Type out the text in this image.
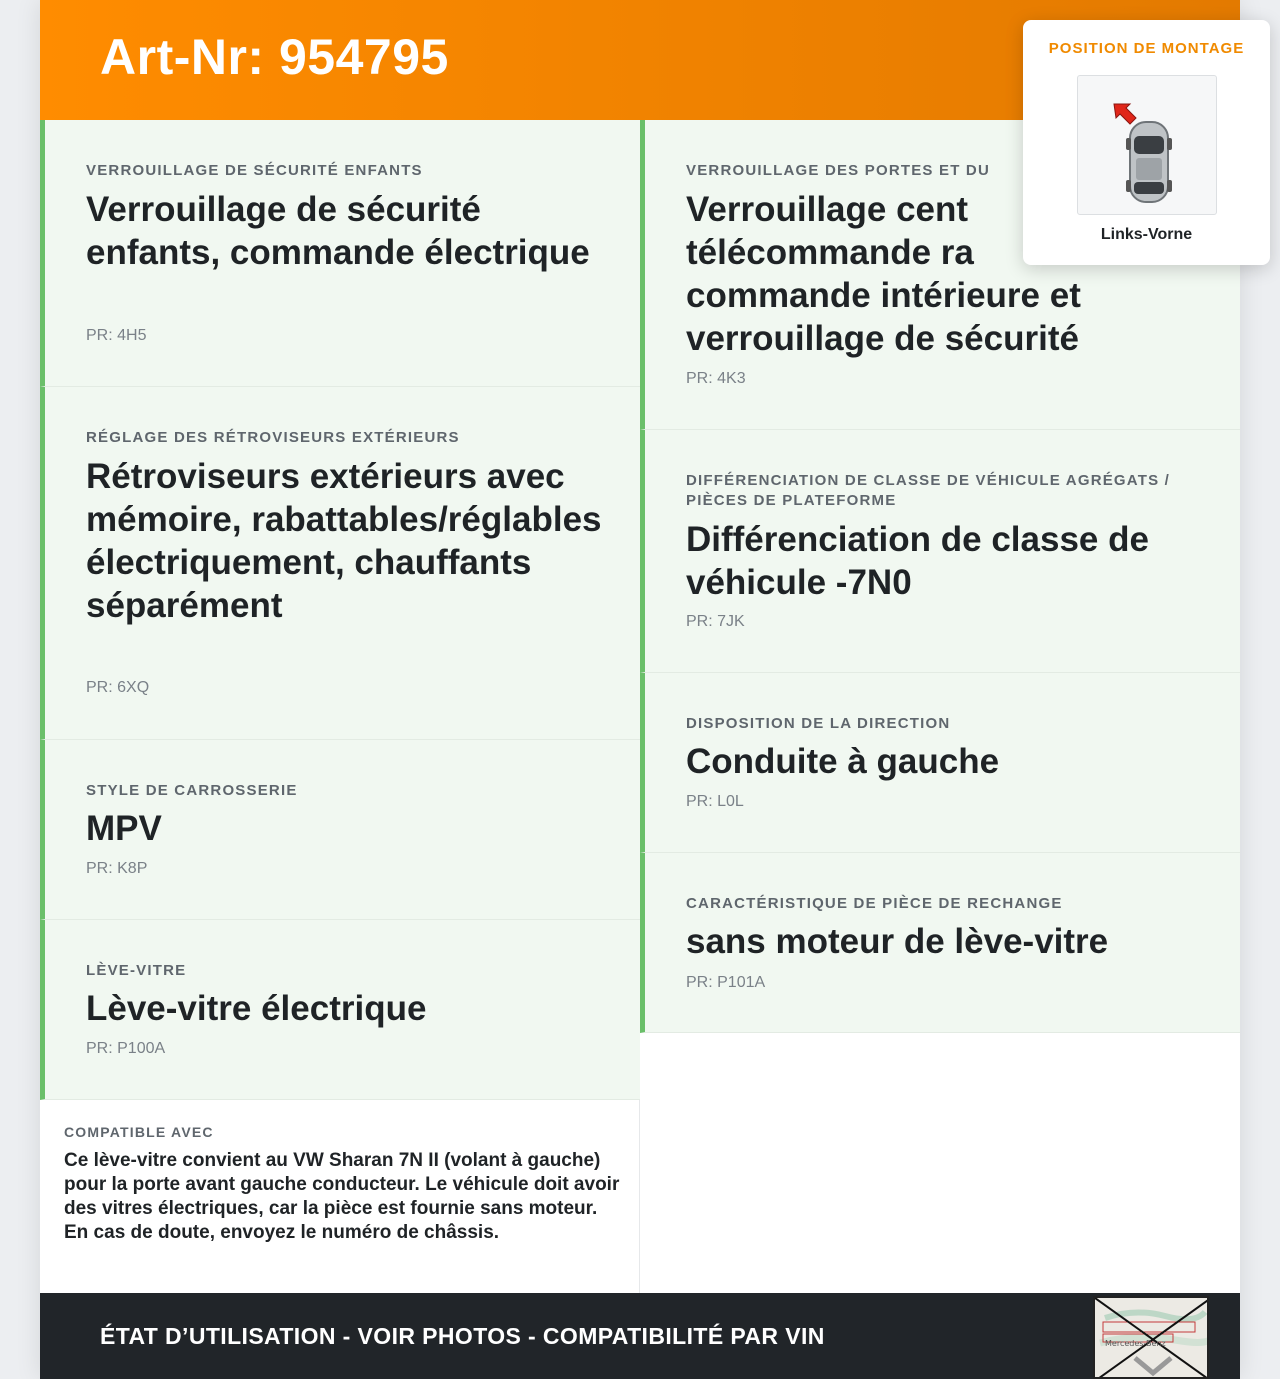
Art-Nr: 954795
VERROUILLAGE DE SÉCURITÉ ENFANTS
Verrouillage de sécurité enfants, commande électrique
PR: 4H5
RÉGLAGE DES RÉTROVISEURS EXTÉRIEURS
Rétroviseurs extérieurs avec mémoire, rabattables/réglables électriquement, chauffants séparément
PR: 6XQ
STYLE DE CARROSSERIE
MPV
PR: K8P
LÈVE-VITRE
Lève-vitre électrique
PR: P100A
VERROUILLAGE DES PORTES ET DU
Verrouillage cent
télécommande ra
commande intérieure et
verrouillage de sécurité
PR: 4K3
DIFFÉRENCIATION DE CLASSE DE VÉHICULE AGRÉGATS / PIÈCES DE PLATEFORME
Différenciation de classe de véhicule -7N0
PR: 7JK
DISPOSITION DE LA DIRECTION
Conduite à gauche
PR: L0L
CARACTÉRISTIQUE DE PIÈCE DE RECHANGE
sans moteur de lève-vitre
PR: P101A
COMPATIBLE AVEC
Ce lève-vitre convient au VW Sharan 7N II (volant à gauche) pour la porte avant gauche conducteur. Le véhicule doit avoir des vitres électriques, car la pièce est fournie sans moteur. En cas de doute, envoyez le numéro de châssis.
ÉTAT D’UTILISATION - VOIR PHOTOS - COMPATIBILITÉ PAR VIN	Mercedes-Benz
POSITION DE MONTAGE
Links-Vorne
